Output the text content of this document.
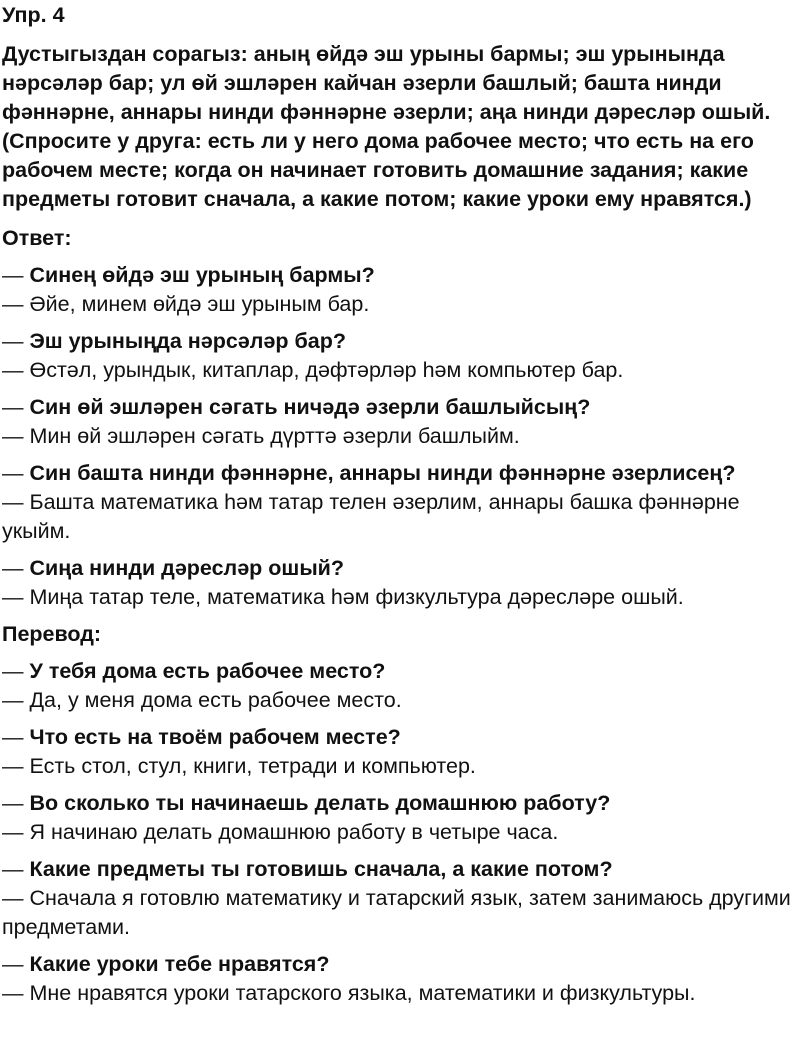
Упр. 4
Дустыгыздан сорагыз: аның өйдә эш урыны бармы; эш урынында нәрсәләр бар; ул өй эшләрен кайчан әзерли башлый; башта нинди фәннәрне, аннары нинди фәннәрне әзерли; аңа нинди дәресләр ошый. (Спросите у друга: есть ли у него дома рабочее место; что есть на его рабочем месте; когда он начинает готовить домашние задания; какие предметы готовит сначала, а какие потом; какие уроки ему нравятся.)
Ответ:
— Синең өйдә эш урының бармы?
— Әйе, минем өйдә эш урыным бар.
— Эш урыныңда нәрсәләр бар?
— Өстәл, урындык, китаплар, дәфтәрләр һәм компьютер бар.
— Син өй эшләрен сәгать ничәдә әзерли башлыйсың?
— Мин өй эшләрен сәгать дүрттә әзерли башлыйм.
— Син башта нинди фәннәрне, аннары нинди фәннәрне әзерлисең?
— Башта математика һәм татар телен әзерлим, аннары башка фәннәрне укыйм.
— Сиңа нинди дәресләр ошый?
— Миңа татар теле, математика һәм физкультура дәресләре ошый.
Перевод:
— У тебя дома есть рабочее место?
— Да, у меня дома есть рабочее место.
— Что есть на твоём рабочем месте?
— Есть стол, стул, книги, тетради и компьютер.
— Во сколько ты начинаешь делать домашнюю работу?
— Я начинаю делать домашнюю работу в четыре часа.
— Какие предметы ты готовишь сначала, а какие потом?
— Сначала я готовлю математику и татарский язык, затем занимаюсь другими предметами.
— Какие уроки тебе нравятся?
— Мне нравятся уроки татарского языка, математики и физкультуры.
